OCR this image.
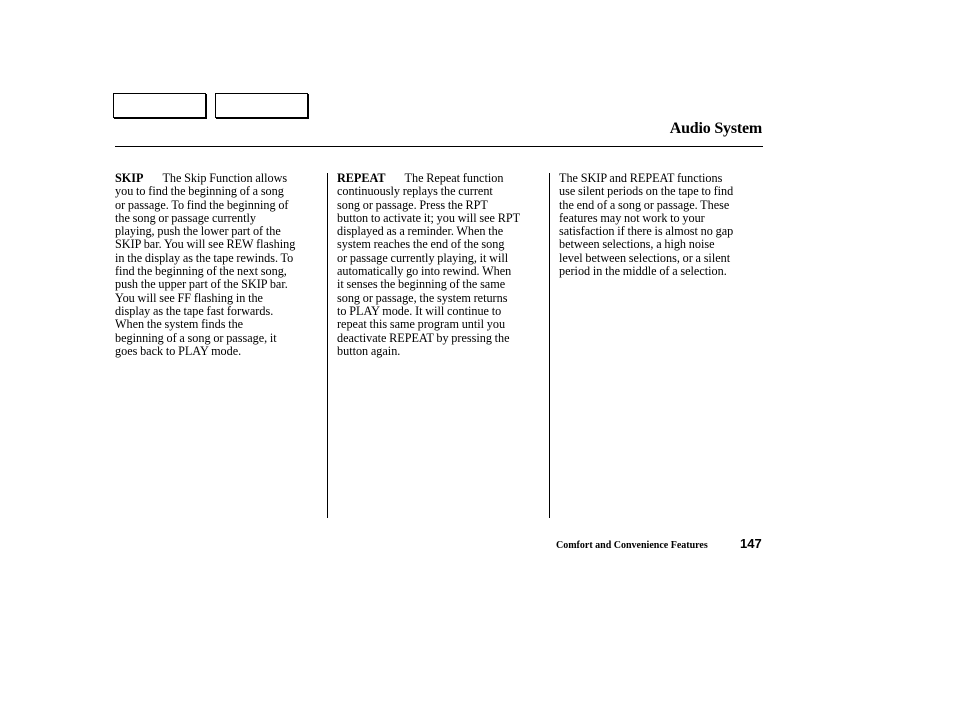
Audio System
SKIP The Skip Function allows
you to find the beginning of a song
or passage. To find the beginning of
the song or passage currently
playing, push the lower part of the
SKIP bar. You will see REW flashing
in the display as the tape rewinds. To
find the beginning of the next song,
push the upper part of the SKIP bar.
You will see FF flashing in the
display as the tape fast forwards.
When the system finds the
beginning of a song or passage, it
goes back to PLAY mode.
REPEAT The Repeat function
continuously replays the current
song or passage. Press the RPT
button to activate it; you will see RPT
displayed as a reminder. When the
system reaches the end of the song
or passage currently playing, it will
automatically go into rewind. When
it senses the beginning of the same
song or passage, the system returns
to PLAY mode. It will continue to
repeat this same program until you
deactivate REPEAT by pressing the
button again.
The SKIP and REPEAT functions
use silent periods on the tape to find
the end of a song or passage. These
features may not work to your
satisfaction if there is almost no gap
between selections, a high noise
level between selections, or a silent
period in the middle of a selection.
Comfort and Convenience Features 147
